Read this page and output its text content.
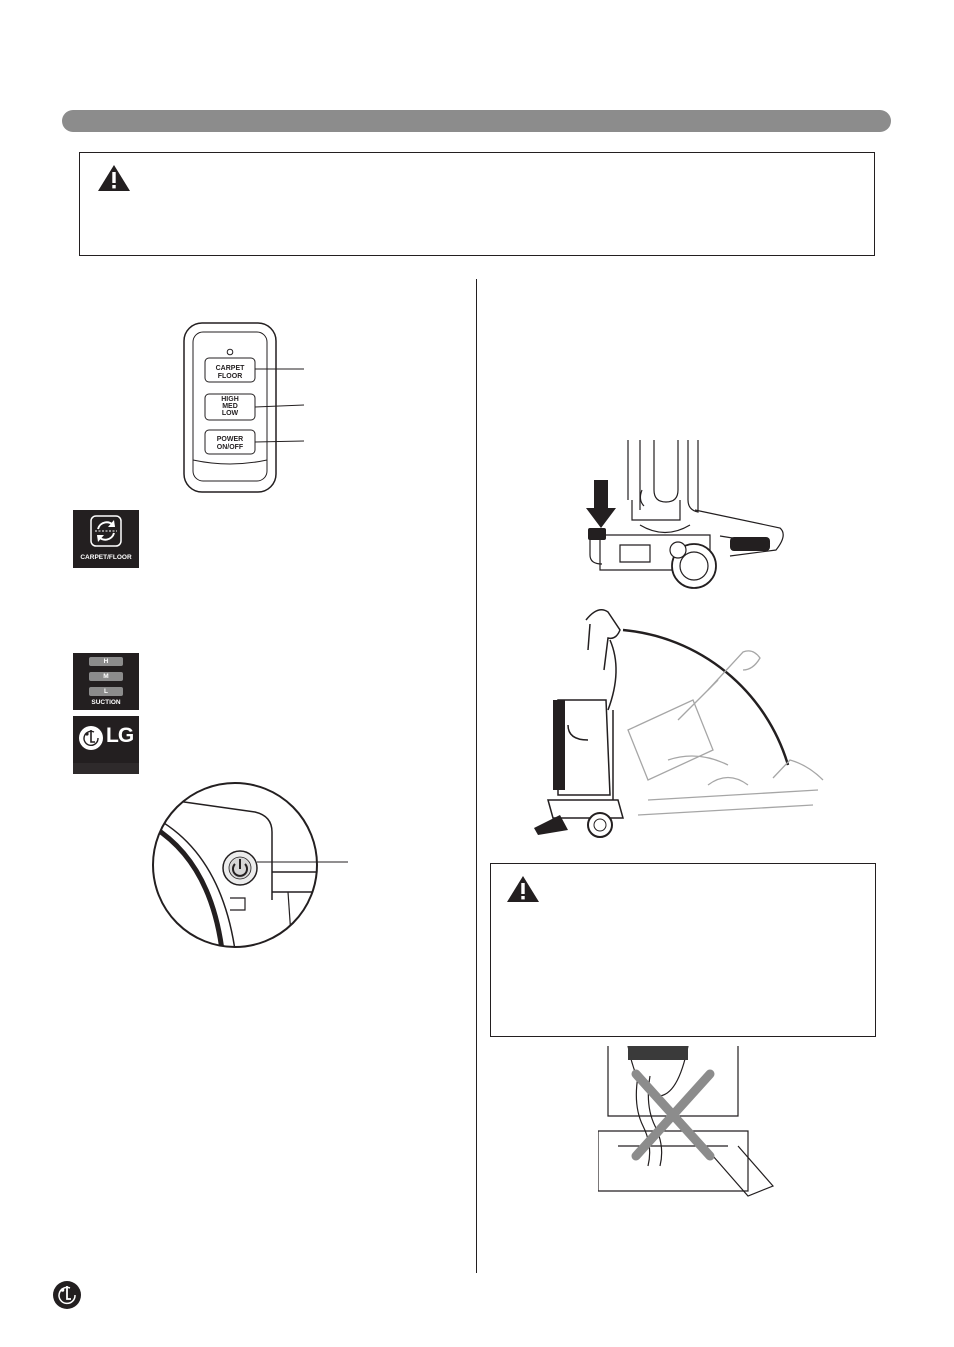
CARPET
FLOOR
HIGH
MED
LOW
POWER
ON/OFF
CARPET/FLOOR
H
M
L
SUCTION
LG
